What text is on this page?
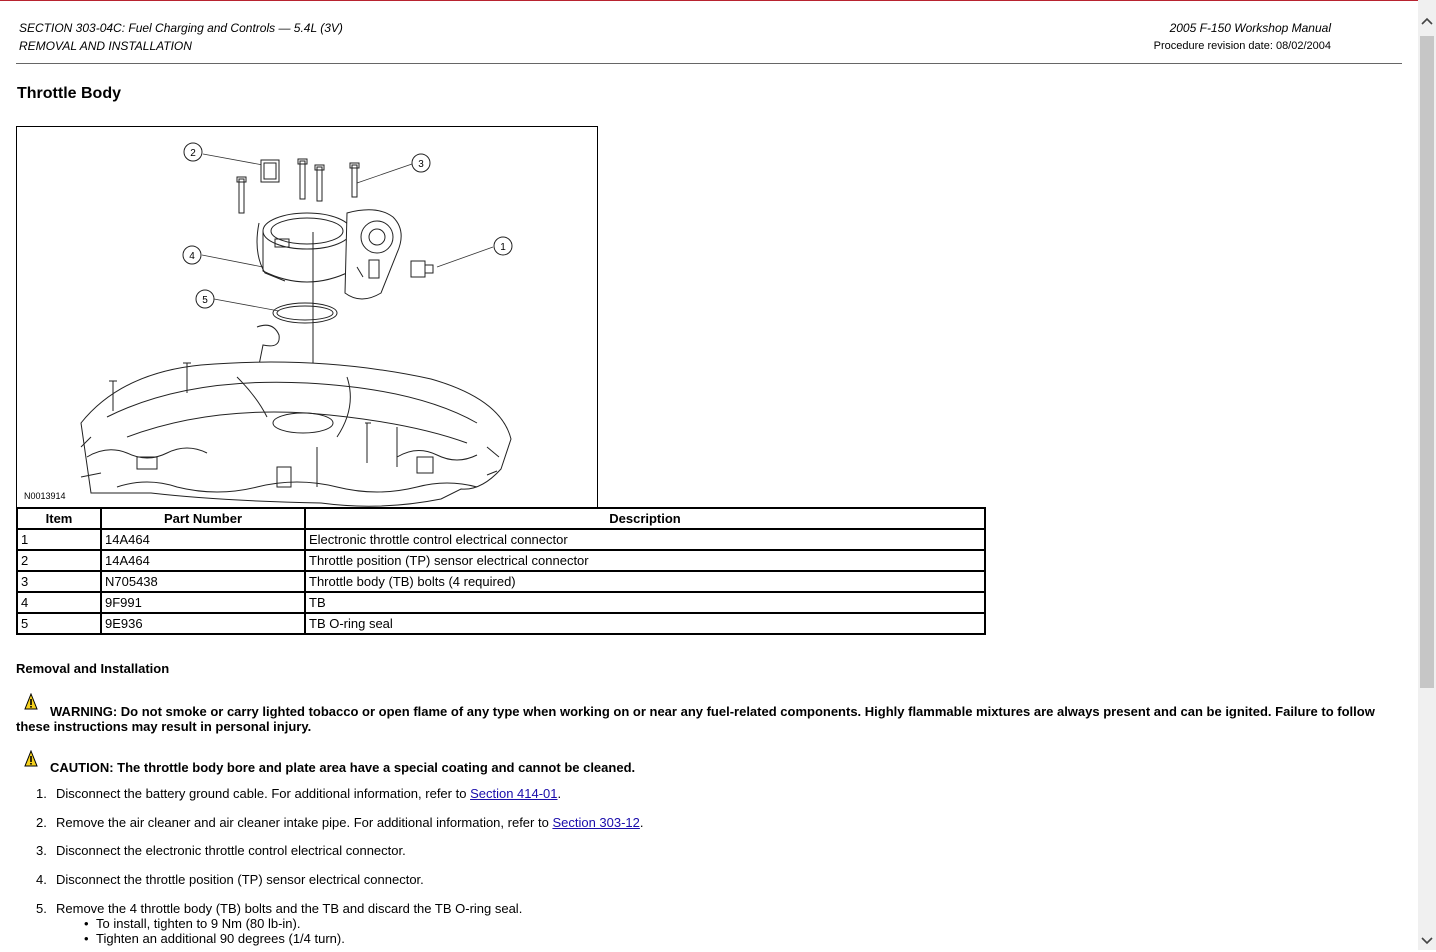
SECTION 303-04C: Fuel Charging and Controls — 5.4L (3V)
REMOVAL AND INSTALLATION
2005 F-150 Workshop Manual
Procedure revision date: 08/02/2004
Throttle Body
1
2
3
4
5
N0013914
Item	Part Number	Description
1	14A464	Electronic throttle control electrical connector
2	14A464	Throttle position (TP) sensor electrical connector
3	N705438	Throttle body (TB) bolts (4 required)
4	9F991	TB
5	9E936	TB O-ring seal
Removal and Installation
WARNING: Do not smoke or carry lighted tobacco or open flame of any type when working on or near any fuel-related components. Highly flammable mixtures are always present and can be ignited. Failure to follow these instructions may result in personal injury.
CAUTION: The throttle body bore and plate area have a special coating and cannot be cleaned.
1. Disconnect the battery ground cable. For additional information, refer to Section 414-01.
2. Remove the air cleaner and air cleaner intake pipe. For additional information, refer to Section 303-12.
3. Disconnect the electronic throttle control electrical connector.
4. Disconnect the throttle position (TP) sensor electrical connector.
5. Remove the 4 throttle body (TB) bolts and the TB and discard the TB O-ring seal.
• To install, tighten to 9 Nm (80 lb-in).
• Tighten an additional 90 degrees (1/4 turn).
